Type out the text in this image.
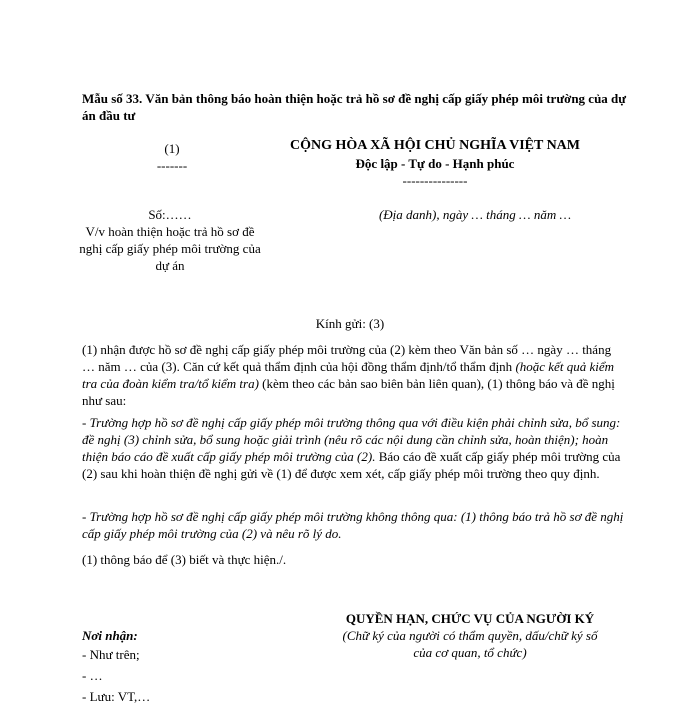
Mẫu số 33. Văn bản thông báo hoàn thiện hoặc trả hồ sơ đề nghị cấp giấy phép môi trường của dự án đầu tư
(1)
-------
CỘNG HÒA XÃ HỘI CHỦ NGHĨA VIỆT NAM
Độc lập - Tự do - Hạnh phúc
---------------
Số:……
V/v hoàn thiện hoặc trả hồ sơ đề nghị cấp giấy phép môi trường của dự án
(Địa danh), ngày … tháng … năm …
Kính gửi: (3)
(1) nhận được hồ sơ đề nghị cấp giấy phép môi trường của (2) kèm theo Văn bản số … ngày … tháng … năm … của (3). Căn cứ kết quả thẩm định của hội đồng thẩm định/tổ thẩm định (hoặc kết quả kiểm tra của đoàn kiểm tra/tổ kiểm tra) (kèm theo các bản sao biên bản liên quan), (1) thông báo và đề nghị như sau:
- Trường hợp hồ sơ đề nghị cấp giấy phép môi trường thông qua với điều kiện phải chỉnh sửa, bổ sung: đề nghị (3) chỉnh sửa, bổ sung hoặc giải trình (nêu rõ các nội dung cần chỉnh sửa, hoàn thiện); hoàn thiện báo cáo đề xuất cấp giấy phép môi trường của (2). Báo cáo đề xuất cấp giấy phép môi trường của (2) sau khi hoàn thiện đề nghị gửi về (1) để được xem xét, cấp giấy phép môi trường theo quy định.
- Trường hợp hồ sơ đề nghị cấp giấy phép môi trường không thông qua: (1) thông báo trả hồ sơ đề nghị cấp giấy phép môi trường của (2) và nêu rõ lý do.
(1) thông báo để (3) biết và thực hiện./.
Nơi nhận:
- Như trên;
- …
- Lưu: VT,…
QUYỀN HẠN, CHỨC VỤ CỦA NGƯỜI KÝ
(Chữ ký của người có thẩm quyền, dấu/chữ ký số của cơ quan, tổ chức)
